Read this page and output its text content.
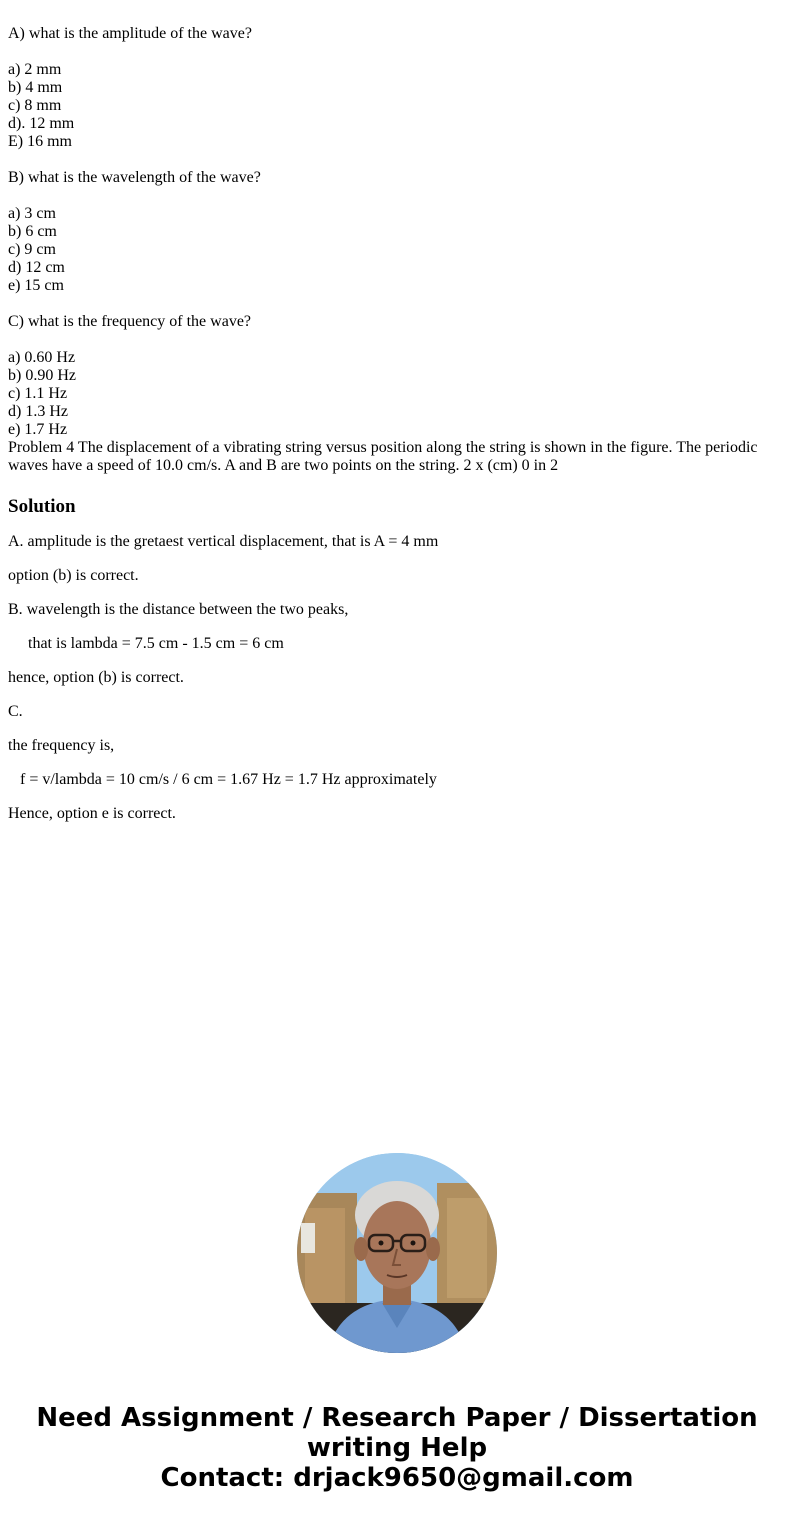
A) what is the amplitude of the wave?
a) 2 mm
b) 4 mm
c) 8 mm
d). 12 mm
E) 16 mm
B) what is the wavelength of the wave?
a) 3 cm
b) 6 cm
c) 9 cm
d) 12 cm
e) 15 cm
C) what is the frequency of the wave?
a) 0.60 Hz
b) 0.90 Hz
c) 1.1 Hz
d) 1.3 Hz
e) 1.7 Hz
Problem 4 The displacement of a vibrating string versus position along the string is shown in the figure. The periodic waves have a speed of 10.0 cm/s. A and B are two points on the string. 2 x (cm) 0 in 2
Solution

A. amplitude is the gretaest vertical displacement, that is A = 4 mm

option (b) is correct.

B. wavelength is the distance between the two peaks,

that is lambda = 7.5 cm - 1.5 cm = 6 cm

hence, option (b) is correct.

C.

the frequency is,

f = v/lambda = 10 cm/s / 6 cm = 1.67 Hz = 1.7 Hz approximately

Hence, option e is correct.

Need Assignment / Research Paper / Dissertation
writing Help
Contact: drjack9650@gmail.com
